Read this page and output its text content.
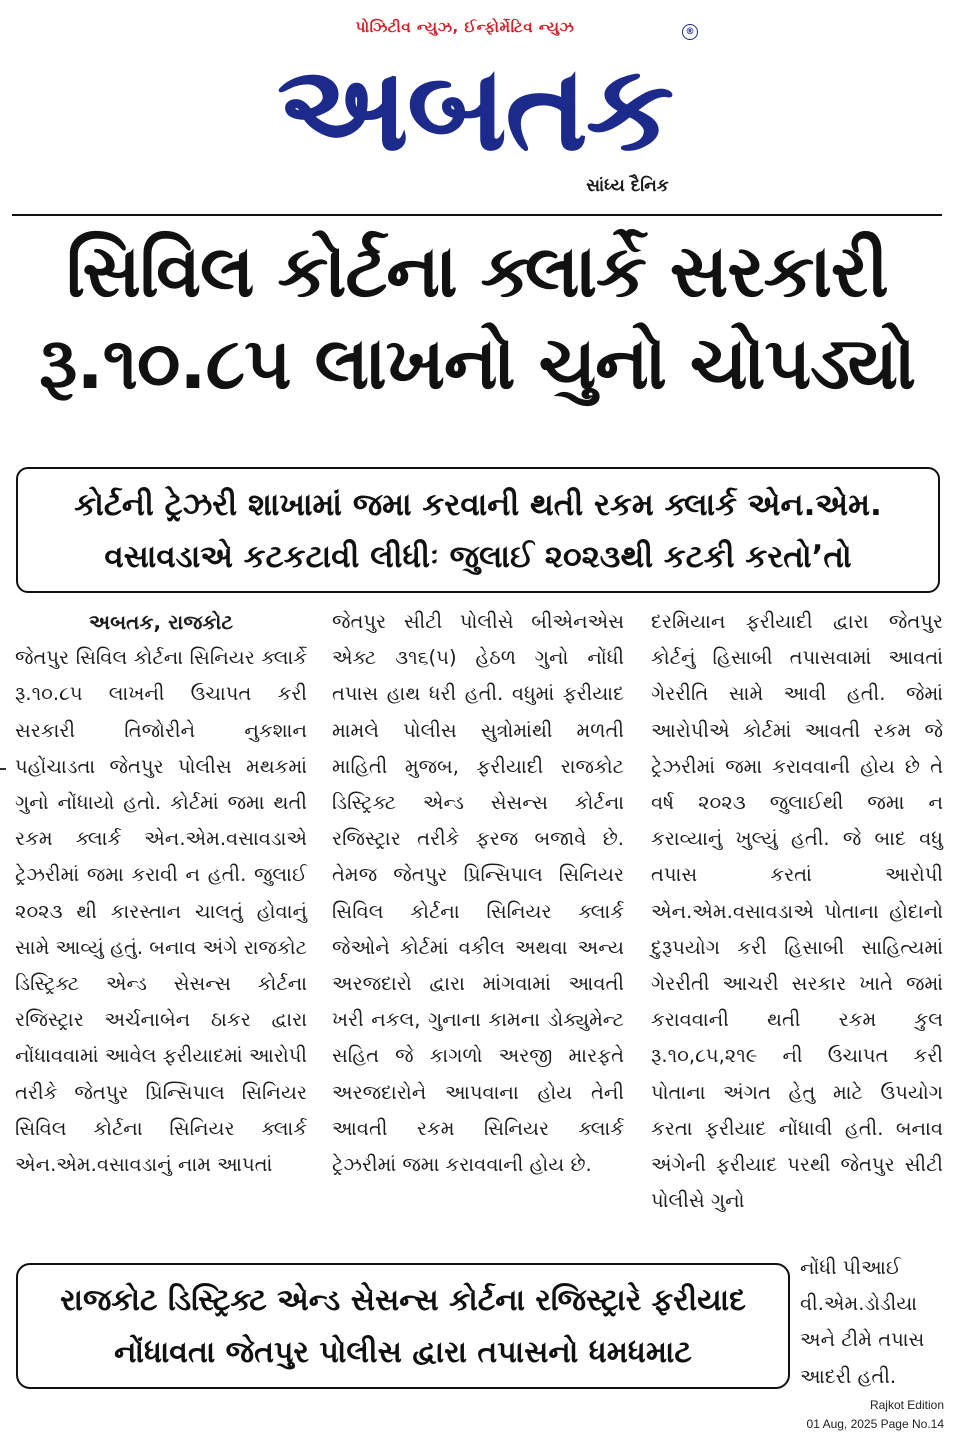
પોઝિટીવ ન્યુઝ, ઈન્ફોર્મેટિવ ન્યુઝ	®
અબતક
સાંધ્ય દૈનિક
સિવિલ કોર્ટના ક્લાર્કે સરકારી
રૂ.૧૦.૮૫ લાખનો ચુનો ચોપડ્યો
કોર્ટની ટ્રેઝરી શાખામાં જમા કરવાની થતી રકમ ક્લાર્ક એન.એમ.
વસાવડાએ કટકટાવી લીધીઃ જુલાઈ ૨૦૨૩થી કટકી કરતો’તો
અબતક, રાજકોટ

જેતપુર સિવિલ કોર્ટના સિનિયર ક્લાર્કે રૂ.૧૦.૮૫ લાખની ઉચાપત કરી સરકારી તિજોરીને નુકશાન પહોંચાડતા જેતપુર પોલીસ મથકમાં ગુનો નોંધાયો હતો. કોર્ટમાં જમા થતી રકમ ક્લાર્ક એન.એમ.વસાવડાએ ટ્રેઝરીમાં જમા કરાવી ન હતી. જુલાઈ ૨૦૨૩ થી કારસ્તાન ચાલતું હોવાનું સામે આવ્યું હતું. બનાવ અંગે રાજકોટ ડિસ્ટ્રિક્ટ એન્ડ સેસન્સ કોર્ટના રજિસ્ટ્રાર અર્ચનાબેન ઠાકર દ્વારા નોંધાવવામાં આવેલ ફરીયાદમાં આરોપી તરીકે જેતપુર પ્રિન્સિપાલ સિનિયર સિવિલ કોર્ટના સિનિયર ક્લાર્ક એન.એમ.વસાવડાનું નામ આપતાં

જેતપુર સીટી પોલીસે બીએનએસ એક્ટ ૩૧૬(૫) હેઠળ ગુનો નોંધી તપાસ હાથ ધરી હતી. વધુમાં ફરીયાદ મામલે પોલીસ સુત્રોમાંથી મળતી માહિતી મુજબ, ફરીયાદી રાજકોટ ડિસ્ટ્રિક્ટ એન્ડ સેસન્સ કોર્ટના રજિસ્ટ્રાર તરીકે ફરજ બજાવે છે. તેમજ જેતપુર પ્રિન્સિપાલ સિનિયર સિવિલ કોર્ટના સિનિયર ક્લાર્ક જેઓને કોર્ટમાં વકીલ અથવા અન્ય અરજદારો દ્વારા માંગવામાં આવતી ખરી નકલ, ગુનાના કામના ડોક્યુમેન્ટ સહિત જે કાગળો અરજી મારફતે અરજદારોને આપવાના હોય તેની આવતી રકમ સિનિયર ક્લાર્ક ટ્રેઝરીમાં જમા કરાવવાની હોય છે.

દરમિયાન ફરીયાદી દ્વારા જેતપુર કોર્ટનું હિસાબી તપાસવામાં આવતાં ગેરરીતિ સામે આવી હતી. જેમાં આરોપીએ કોર્ટમાં આવતી રકમ જે ટ્રેઝરીમાં જમા કરાવવાની હોય છે તે વર્ષ ૨૦૨૩ જુલાઈથી જમા ન કરાવ્યાનું ખુલ્યું હતી. જે બાદ વધુ તપાસ કરતાં આરોપી એન.એમ.વસાવડાએ પોતાના હોદાનો દુરૂપયોગ કરી હિસાબી સાહિત્યમાં ગેરરીતી આચરી સરકાર ખાતે જમાં કરાવવાની થતી રકમ કુલ રૂ.૧૦,૮૫,૨૧૯ ની ઉચાપત કરી પોતાના અંગત હેતુ માટે ઉપયોગ કરતા ફરીયાદ નોંધાવી હતી. બનાવ અંગેની ફરીયાદ પરથી જેતપુર સીટી પોલીસે ગુનો

નોંધી પીઆઈ વી.એમ.ડોડીયા અને ટીમે તપાસ આદરી હતી.
રાજકોટ ડિસ્ટ્રિક્ટ એન્ડ સેસન્સ કોર્ટના રજિસ્ટ્રારે ફરીયાદ
નોંધાવતા જેતપુર પોલીસ દ્વારા તપાસનો ધમધમાટ
Rajkot Edition
01 Aug, 2025 Page No.14
